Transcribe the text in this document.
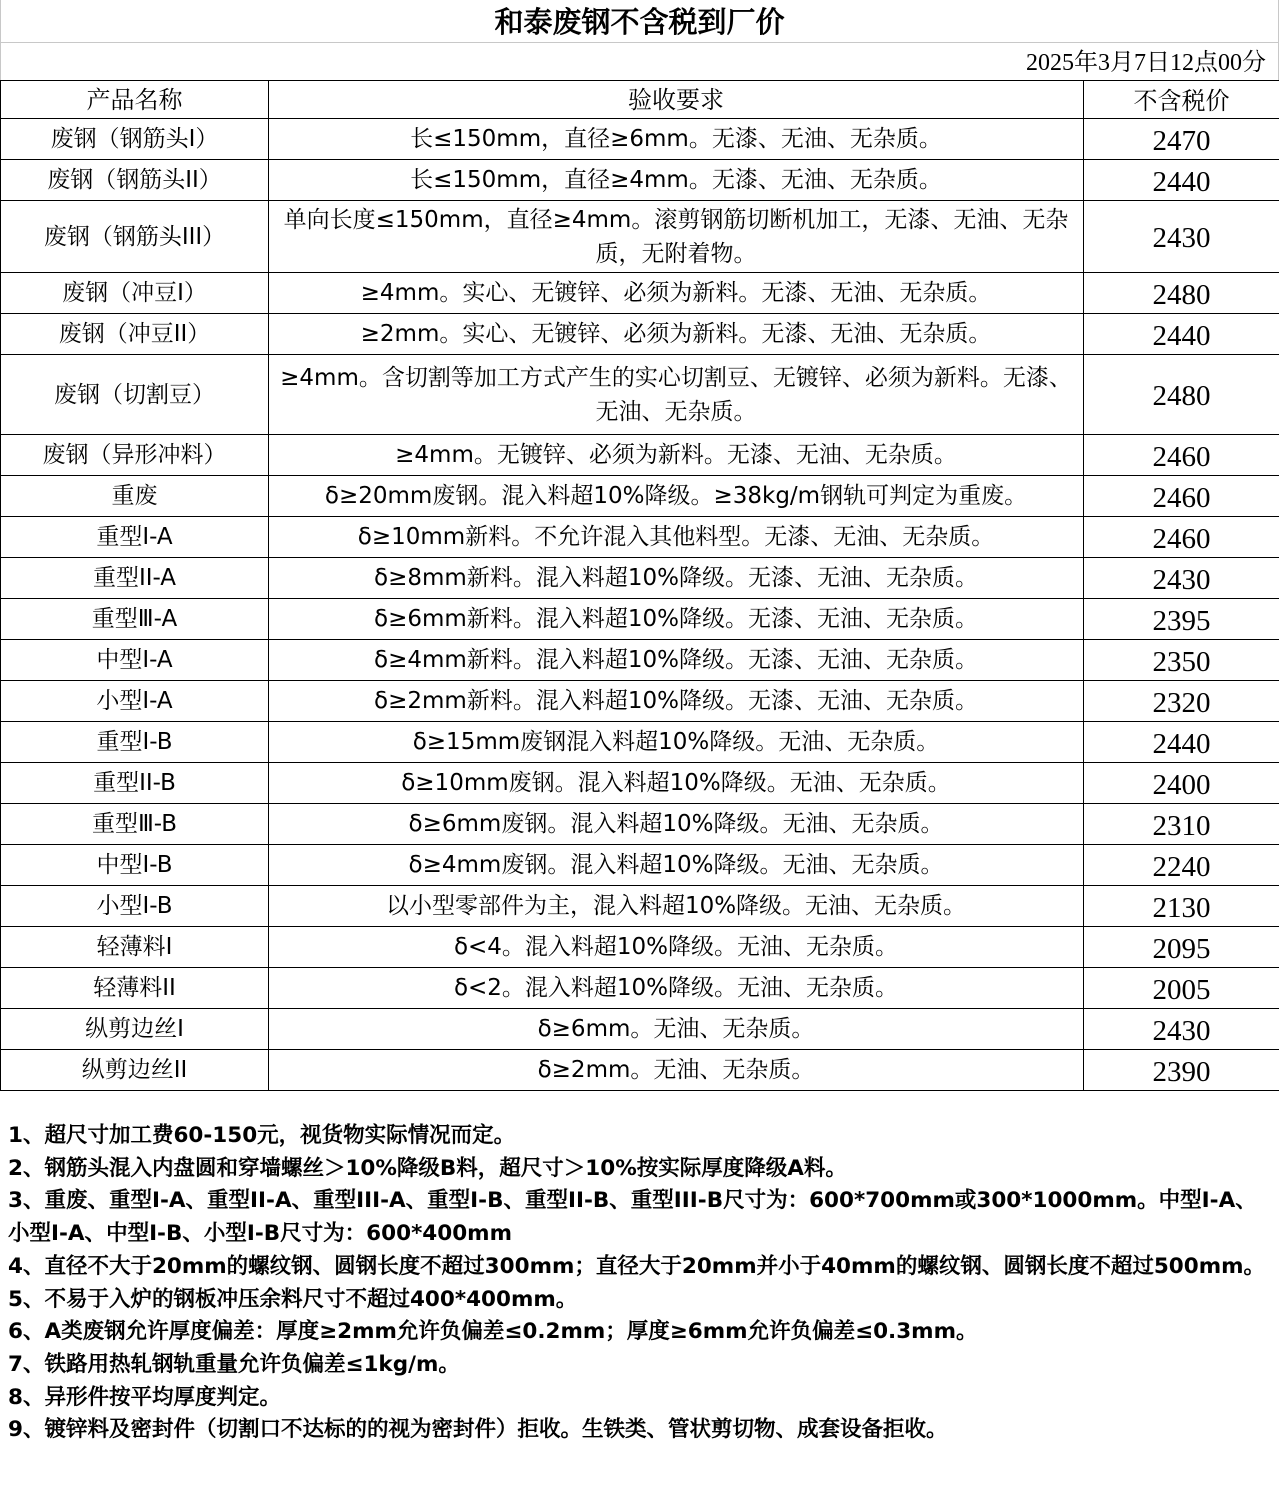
和泰废钢不含税到厂价
2025年3月7日12点00分
产品名称	验收要求	不含税价
废钢（钢筋头I）	长≤150mm，直径≥6mm。无漆、无油、无杂质。	2470
废钢（钢筋头II）	长≤150mm，直径≥4mm。无漆、无油、无杂质。	2440
废钢（钢筋头III）	单向长度≤150mm，直径≥4mm。滚剪钢筋切断机加工，无漆、无油、无杂质，无附着物。	2430
废钢（冲豆I）	≥4mm。实心、无镀锌、必须为新料。无漆、无油、无杂质。	2480
废钢（冲豆II）	≥2mm。实心、无镀锌、必须为新料。无漆、无油、无杂质。	2440
废钢（切割豆）	≥4mm。含切割等加工方式产生的实心切割豆、无镀锌、必须为新料。无漆、无油、无杂质。	2480
废钢（异形冲料）	≥4mm。无镀锌、必须为新料。无漆、无油、无杂质。	2460
重废	δ≥20mm废钢。混入料超10%降级。≥38kg/m钢轨可判定为重废。	2460
重型I-A	δ≥10mm新料。不允许混入其他料型。无漆、无油、无杂质。	2460
重型II-A	δ≥8mm新料。混入料超10%降级。无漆、无油、无杂质。	2430
重型Ⅲ-A	δ≥6mm新料。混入料超10%降级。无漆、无油、无杂质。	2395
中型I-A	δ≥4mm新料。混入料超10%降级。无漆、无油、无杂质。	2350
小型I-A	δ≥2mm新料。混入料超10%降级。无漆、无油、无杂质。	2320
重型I-B	δ≥15mm废钢混入料超10%降级。无油、无杂质。	2440
重型II-B	δ≥10mm废钢。混入料超10%降级。无油、无杂质。	2400
重型Ⅲ-B	δ≥6mm废钢。混入料超10%降级。无油、无杂质。	2310
中型I-B	δ≥4mm废钢。混入料超10%降级。无油、无杂质。	2240
小型I-B	以小型零部件为主，混入料超10%降级。无油、无杂质。	2130
轻薄料I	δ<4。混入料超10%降级。无油、无杂质。	2095
轻薄料II	δ<2。混入料超10%降级。无油、无杂质。	2005
纵剪边丝I	δ≥6mm。无油、无杂质。	2430
纵剪边丝II	δ≥2mm。无油、无杂质。	2390

1、超尺寸加工费60-150元，视货物实际情况而定。

2、钢筋头混入内盘圆和穿墙螺丝＞10%降级B料，超尺寸＞10%按实际厚度降级A料。

3、重废、重型I-A、重型II-A、重型III-A、重型I-B、重型II-B、重型III-B尺寸为：600*700mm或300*1000mm。中型I-A、小型I-A、中型I-B、小型I-B尺寸为：600*400mm

4、直径不大于20mm的螺纹钢、圆钢长度不超过300mm；直径大于20mm并小于40mm的螺纹钢、圆钢长度不超过500mm。

5、不易于入炉的钢板冲压余料尺寸不超过400*400mm。

6、A类废钢允许厚度偏差：厚度≥2mm允许负偏差≤0.2mm；厚度≥6mm允许负偏差≤0.3mm。

7、铁路用热轧钢轨重量允许负偏差≤1kg/m。

8、异形件按平均厚度判定。

9、镀锌料及密封件（切割口不达标的的视为密封件）拒收。生铁类、管状剪切物、成套设备拒收。
